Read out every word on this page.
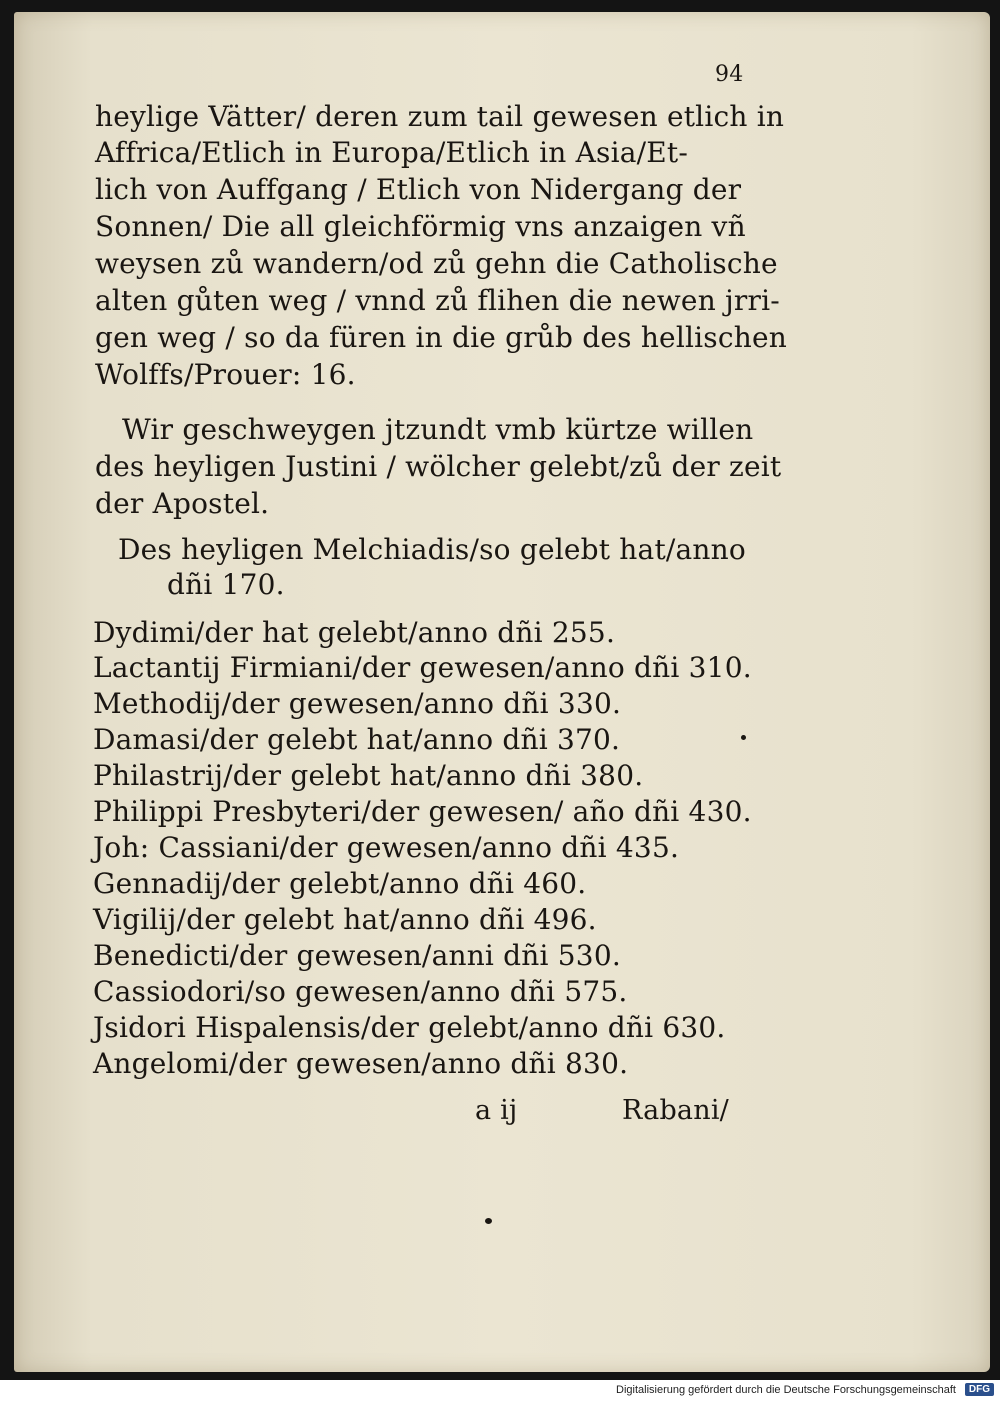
94
heylige Vätter/ deren zum tail gewesen etlich in
Affrica/Etlich in Europa/Etlich in Asia/Et-
lich von Auffgang / Etlich von Nidergang der
Sonnen/ Die all gleichförmig vns anzaigen vñ
weysen zů wandern/od zů gehn die Catholische
alten gůten weg / vnnd zů flihen die newen jrri-
gen weg / so da füren in die grůb des hellischen
Wolffs/Prouer: 16.
Wir geschweygen jtzundt vmb kürtze willen
des heyligen Justini / wölcher gelebt/zů der zeit
der Apostel.
Des heyligen Melchiadis/so gelebt hat/anno
dñi 170.
Dydimi/der hat gelebt/anno dñi 255.
Lactantij Firmiani/der gewesen/anno dñi 310.
Methodij/der gewesen/anno dñi 330.
Damasi/der gelebt hat/anno dñi 370.
Philastrij/der gelebt hat/anno dñi 380.
Philippi Presbyteri/der gewesen/ año dñi 430.
Joh: Cassiani/der gewesen/anno dñi 435.
Gennadij/der gelebt/anno dñi 460.
Vigilij/der gelebt hat/anno dñi 496.
Benedicti/der gewesen/anni dñi 530.
Cassiodori/so gewesen/anno dñi 575.
Jsidori Hispalensis/der gelebt/anno dñi 630.
Angelomi/der gewesen/anno dñi 830.
a ij	Rabani/
Digitalisierung gefördert durch die Deutsche Forschungsgemeinschaft	DFG
